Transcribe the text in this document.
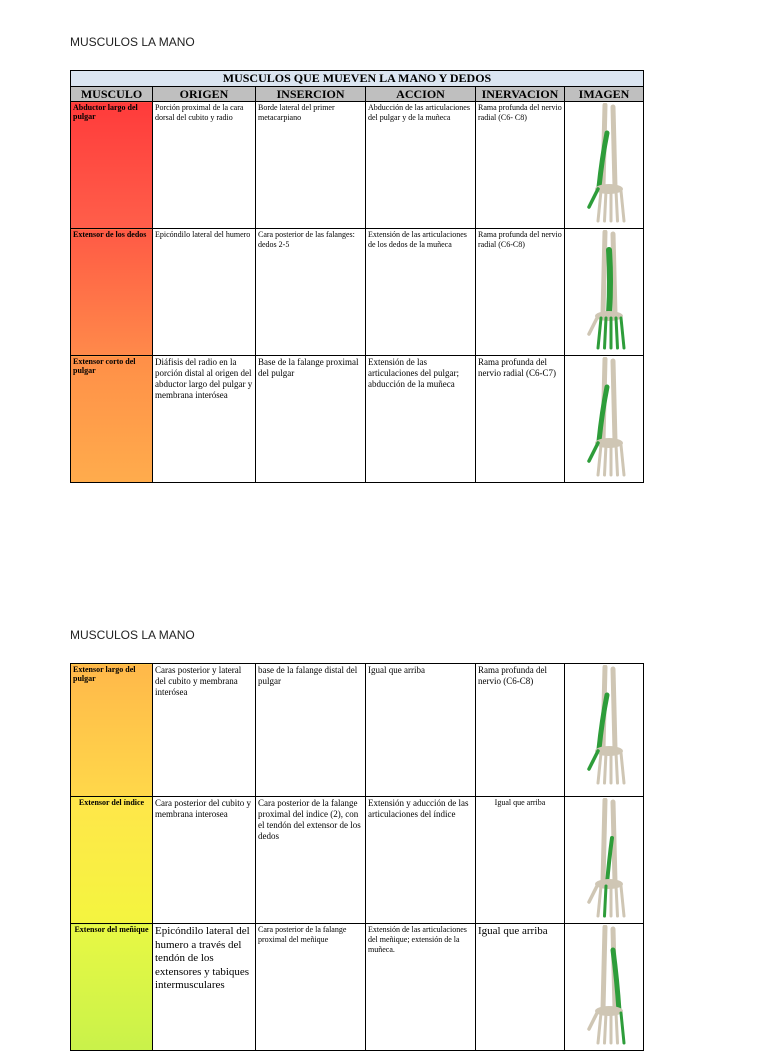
MUSCULOS LA MANO
MUSCULOS QUE MUEVEN LA MANO Y DEDOS					
MUSCULO	ORIGEN	INSERCION	ACCION	INERVACION	IMAGEN
Abductor largo del pulgar	Porción proximal de la cara dorsal del cubito y radio	Borde lateral del primer metacarpiano	Abducción de las articulaciones del pulgar y de la muñeca	Rama profunda del nervio radial (C6- C8)	

Extensor de los dedos	Epicóndilo lateral del humero	Cara posterior de las falanges: dedos 2-5	Extensión de las articulaciones de los dedos de la muñeca	Rama profunda del nervio radial (C6-C8)	

Extensor corto del pulgar	Diáfisis del radio en la porción distal al origen del abductor largo del pulgar y membrana interósea	Base de la falange proximal del pulgar	Extensión de las articulaciones del pulgar; abducción de la muñeca	Rama profunda del nervio radial (C6-C7)	
MUSCULOS LA MANO
Extensor largo del pulgar	Caras posterior y lateral del cubito y membrana interósea	base de la falange distal del pulgar	Igual que arriba	Rama profunda del nervio (C6-C8)	

Extensor del índice	Cara posterior del cubito y membrana interosea	Cara posterior de la falange proximal del indice (2), con el tendón del extensor de los dedos	Extensión y aducción de las articulaciones del índice	Igual que arriba	

Extensor del meñique	Epicóndilo lateral del humero a través del tendón de los extensores y tabiques intermusculares	Cara posterior de la falange proximal del meñique	Extensión de las articulaciones del meñique; extensión de la muñeca.	Igual que arriba	
